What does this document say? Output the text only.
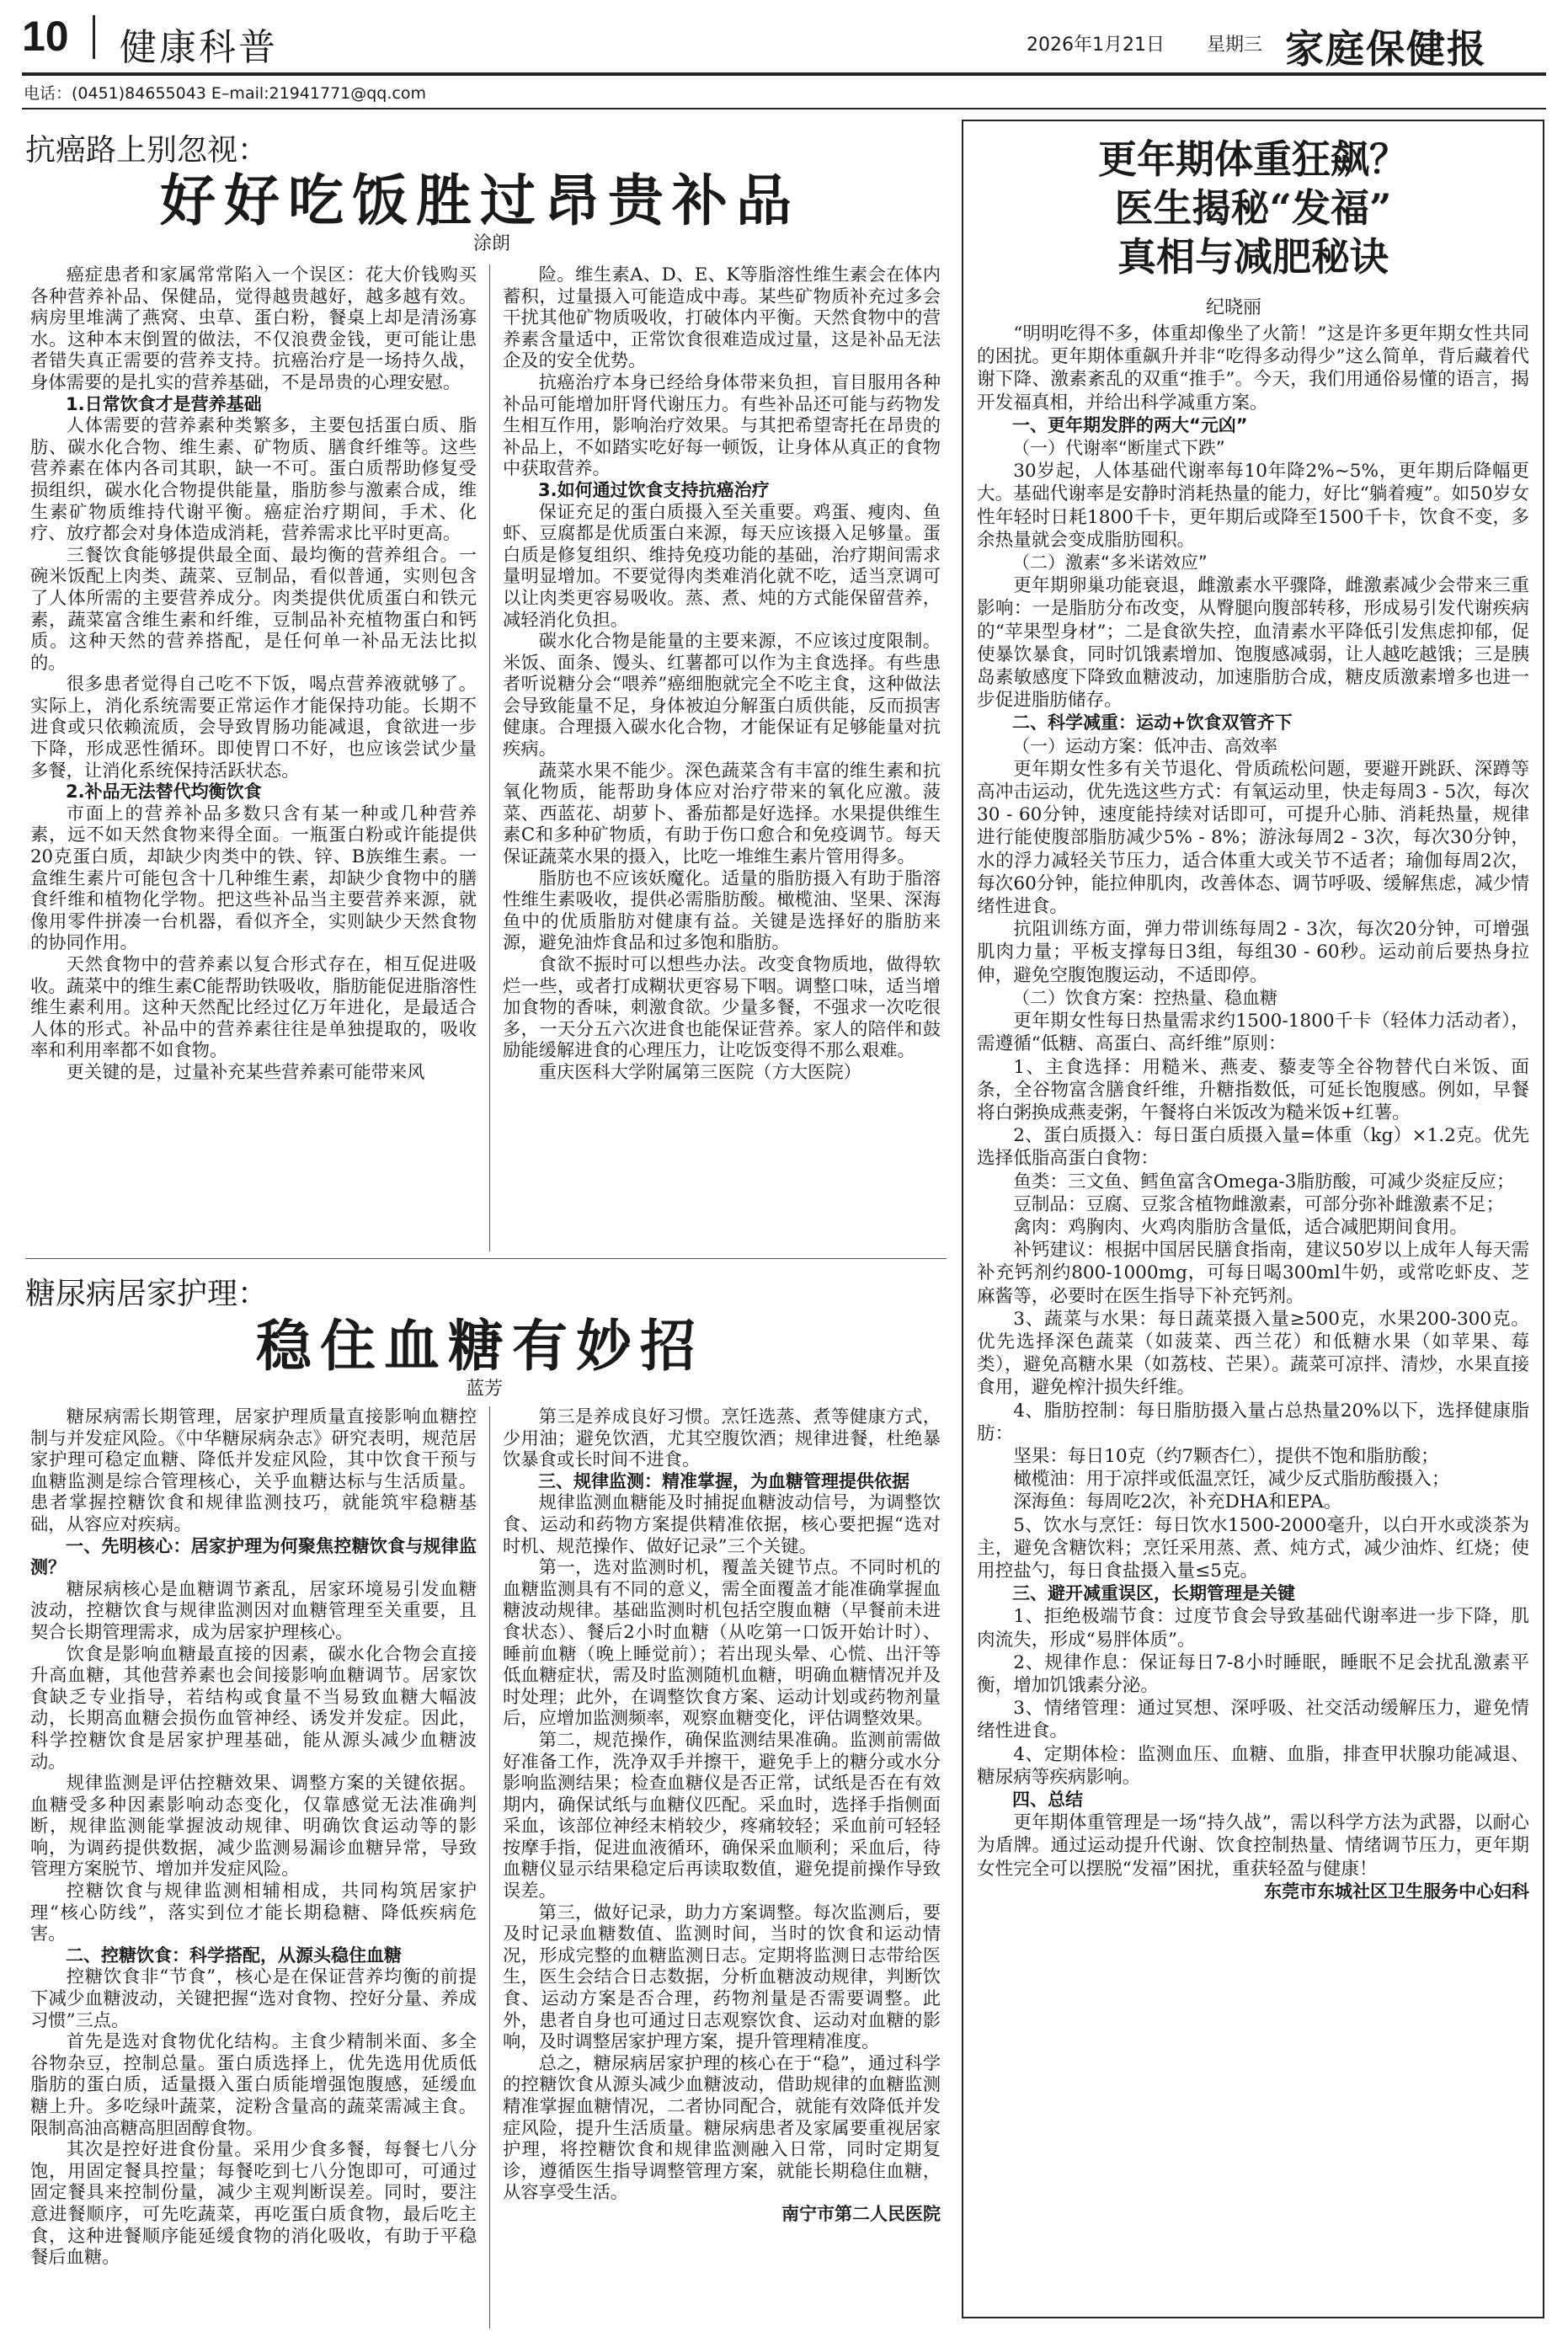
10 健康科普	2026年1月21日 星期三 家庭保健报
电话：(0451)84655043 E–mail:21941771@qq.com
抗癌路上别忽视：
好好吃饭胜过昂贵补品
涂朗

癌症患者和家属常常陷入一个误区：花大价钱购买各种营养补品、保健品，觉得越贵越好，越多越有效。病房里堆满了燕窝、虫草、蛋白粉，餐桌上却是清汤寡水。这种本末倒置的做法，不仅浪费金钱，更可能让患者错失真正需要的营养支持。抗癌治疗是一场持久战，身体需要的是扎实的营养基础，不是昂贵的心理安慰。

1.日常饮食才是营养基础

人体需要的营养素种类繁多，主要包括蛋白质、脂肪、碳水化合物、维生素、矿物质、膳食纤维等。这些营养素在体内各司其职，缺一不可。蛋白质帮助修复受损组织，碳水化合物提供能量，脂肪参与激素合成，维生素矿物质维持代谢平衡。癌症治疗期间，手术、化疗、放疗都会对身体造成消耗，营养需求比平时更高。

三餐饮食能够提供最全面、最均衡的营养组合。一碗米饭配上肉类、蔬菜、豆制品，看似普通，实则包含了人体所需的主要营养成分。肉类提供优质蛋白和铁元素，蔬菜富含维生素和纤维，豆制品补充植物蛋白和钙质。这种天然的营养搭配，是任何单一补品无法比拟的。

很多患者觉得自己吃不下饭，喝点营养液就够了。实际上，消化系统需要正常运作才能保持功能。长期不进食或只依赖流质，会导致胃肠功能减退，食欲进一步下降，形成恶性循环。即使胃口不好，也应该尝试少量多餐，让消化系统保持活跃状态。

2.补品无法替代均衡饮食

市面上的营养补品多数只含有某一种或几种营养素，远不如天然食物来得全面。一瓶蛋白粉或许能提供20克蛋白质，却缺少肉类中的铁、锌、B族维生素。一盒维生素片可能包含十几种维生素，却缺少食物中的膳食纤维和植物化学物。把这些补品当主要营养来源，就像用零件拼凑一台机器，看似齐全，实则缺少天然食物的协同作用。

天然食物中的营养素以复合形式存在，相互促进吸收。蔬菜中的维生素C能帮助铁吸收，脂肪能促进脂溶性维生素利用。这种天然配比经过亿万年进化，是最适合人体的形式。补品中的营养素往往是单独提取的，吸收率和利用率都不如食物。

更关键的是，过量补充某些营养素可能带来风

险。维生素A、D、E、K等脂溶性维生素会在体内蓄积，过量摄入可能造成中毒。某些矿物质补充过多会干扰其他矿物质吸收，打破体内平衡。天然食物中的营养素含量适中，正常饮食很难造成过量，这是补品无法企及的安全优势。

抗癌治疗本身已经给身体带来负担，盲目服用各种补品可能增加肝肾代谢压力。有些补品还可能与药物发生相互作用，影响治疗效果。与其把希望寄托在昂贵的补品上，不如踏实吃好每一顿饭，让身体从真正的食物中获取营养。

3.如何通过饮食支持抗癌治疗

保证充足的蛋白质摄入至关重要。鸡蛋、瘦肉、鱼虾、豆腐都是优质蛋白来源，每天应该摄入足够量。蛋白质是修复组织、维持免疫功能的基础，治疗期间需求量明显增加。不要觉得肉类难消化就不吃，适当烹调可以让肉类更容易吸收。蒸、煮、炖的方式能保留营养，减轻消化负担。

碳水化合物是能量的主要来源，不应该过度限制。米饭、面条、馒头、红薯都可以作为主食选择。有些患者听说糖分会“喂养”癌细胞就完全不吃主食，这种做法会导致能量不足，身体被迫分解蛋白质供能，反而损害健康。合理摄入碳水化合物，才能保证有足够能量对抗疾病。

蔬菜水果不能少。深色蔬菜含有丰富的维生素和抗氧化物质，能帮助身体应对治疗带来的氧化应激。菠菜、西蓝花、胡萝卜、番茄都是好选择。水果提供维生素C和多种矿物质，有助于伤口愈合和免疫调节。每天保证蔬菜水果的摄入，比吃一堆维生素片管用得多。

脂肪也不应该妖魔化。适量的脂肪摄入有助于脂溶性维生素吸收，提供必需脂肪酸。橄榄油、坚果、深海鱼中的优质脂肪对健康有益。关键是选择好的脂肪来源，避免油炸食品和过多饱和脂肪。

食欲不振时可以想些办法。改变食物质地，做得软烂一些，或者打成糊状更容易下咽。调整口味，适当增加食物的香味，刺激食欲。少量多餐，不强求一次吃很多，一天分五六次进食也能保证营养。家人的陪伴和鼓励能缓解进食的心理压力，让吃饭变得不那么艰难。

重庆医科大学附属第三医院（方大医院）

糖尿病居家护理：
稳住血糖有妙招
蓝芳

糖尿病需长期管理，居家护理质量直接影响血糖控制与并发症风险。《中华糖尿病杂志》研究表明，规范居家护理可稳定血糖、降低并发症风险，其中饮食干预与血糖监测是综合管理核心，关乎血糖达标与生活质量。患者掌握控糖饮食和规律监测技巧，就能筑牢稳糖基础，从容应对疾病。

一、先明核心：居家护理为何聚焦控糖饮食与规律监测？

糖尿病核心是血糖调节紊乱，居家环境易引发血糖波动，控糖饮食与规律监测因对血糖管理至关重要，且契合长期管理需求，成为居家护理核心。

饮食是影响血糖最直接的因素，碳水化合物会直接升高血糖，其他营养素也会间接影响血糖调节。居家饮食缺乏专业指导，若结构或食量不当易致血糖大幅波动，长期高血糖会损伤血管神经、诱发并发症。因此，科学控糖饮食是居家护理基础，能从源头减少血糖波动。

规律监测是评估控糖效果、调整方案的关键依据。血糖受多种因素影响动态变化，仅靠感觉无法准确判断，规律监测能掌握波动规律、明确饮食运动等的影响，为调药提供数据，减少监测易漏诊血糖异常，导致管理方案脱节、增加并发症风险。

控糖饮食与规律监测相辅相成，共同构筑居家护理“核心防线”，落实到位才能长期稳糖、降低疾病危害。

二、控糖饮食：科学搭配，从源头稳住血糖

控糖饮食非“节食”，核心是在保证营养均衡的前提下减少血糖波动，关键把握“选对食物、控好分量、养成习惯”三点。

首先是选对食物优化结构。主食少精制米面、多全谷物杂豆，控制总量。蛋白质选择上，优先选用优质低脂肪的蛋白质，适量摄入蛋白质能增强饱腹感，延缓血糖上升。多吃绿叶蔬菜，淀粉含量高的蔬菜需减主食。限制高油高糖高胆固醇食物。

其次是控好进食份量。采用少食多餐，每餐七八分饱，用固定餐具控量；每餐吃到七八分饱即可，可通过固定餐具来控制份量，减少主观判断误差。同时，要注意进餐顺序，可先吃蔬菜，再吃蛋白质食物，最后吃主食，这种进餐顺序能延缓食物的消化吸收，有助于平稳餐后血糖。

第三是养成良好习惯。烹饪选蒸、煮等健康方式，少用油；避免饮酒，尤其空腹饮酒；规律进餐，杜绝暴饮暴食或长时间不进食。

三、规律监测：精准掌握，为血糖管理提供依据

规律监测血糖能及时捕捉血糖波动信号，为调整饮食、运动和药物方案提供精准依据，核心要把握“选对时机、规范操作、做好记录”三个关键。

第一，选对监测时机，覆盖关键节点。不同时机的血糖监测具有不同的意义，需全面覆盖才能准确掌握血糖波动规律。基础监测时机包括空腹血糖（早餐前未进食状态）、餐后2小时血糖（从吃第一口饭开始计时）、睡前血糖（晚上睡觉前）；若出现头晕、心慌、出汗等低血糖症状，需及时监测随机血糖，明确血糖情况并及时处理；此外，在调整饮食方案、运动计划或药物剂量后，应增加监测频率，观察血糖变化，评估调整效果。

第二，规范操作，确保监测结果准确。监测前需做好准备工作，洗净双手并擦干，避免手上的糖分或水分影响监测结果；检查血糖仪是否正常，试纸是否在有效期内，确保试纸与血糖仪匹配。采血时，选择手指侧面采血，该部位神经末梢较少，疼痛较轻；采血前可轻轻按摩手指，促进血液循环，确保采血顺利；采血后，待血糖仪显示结果稳定后再读取数值，避免提前操作导致误差。

第三，做好记录，助力方案调整。每次监测后，要及时记录血糖数值、监测时间，当时的饮食和运动情况，形成完整的血糖监测日志。定期将监测日志带给医生，医生会结合日志数据，分析血糖波动规律，判断饮食、运动方案是否合理，药物剂量是否需要调整。此外，患者自身也可通过日志观察饮食、运动对血糖的影响，及时调整居家护理方案，提升管理精准度。

总之，糖尿病居家护理的核心在于“稳”，通过科学的控糖饮食从源头减少血糖波动，借助规律的血糖监测精准掌握血糖情况，二者协同配合，就能有效降低并发症风险，提升生活质量。糖尿病患者及家属要重视居家护理，将控糖饮食和规律监测融入日常，同时定期复诊，遵循医生指导调整管理方案，就能长期稳住血糖，从容享受生活。

南宁市第二人民医院
更年期体重狂飙？
医生揭秘“发福”
真相与减肥秘诀
纪晓丽

“明明吃得不多，体重却像坐了火箭！”这是许多更年期女性共同的困扰。更年期体重飙升并非“吃得多动得少”这么简单，背后藏着代谢下降、激素紊乱的双重“推手”。今天，我们用通俗易懂的语言，揭开发福真相，并给出科学减重方案。

一、更年期发胖的两大“元凶”
（一）代谢率“断崖式下跌”

30岁起，人体基础代谢率每10年降2%~5%，更年期后降幅更大。基础代谢率是安静时消耗热量的能力，好比“躺着瘦”。如50岁女性年轻时日耗1800千卡，更年期后或降至1500千卡，饮食不变，多余热量就会变成脂肪囤积。

（二）激素“多米诺效应”

更年期卵巢功能衰退，雌激素水平骤降，雌激素减少会带来三重影响：一是脂肪分布改变，从臀腿向腹部转移，形成易引发代谢疾病的“苹果型身材”；二是食欲失控，血清素水平降低引发焦虑抑郁，促使暴饮暴食，同时饥饿素增加、饱腹感减弱，让人越吃越饿；三是胰岛素敏感度下降致血糖波动，加速脂肪合成，糖皮质激素增多也进一步促进脂肪储存。

二、科学减重：运动+饮食双管齐下
（一）运动方案：低冲击、高效率

更年期女性多有关节退化、骨质疏松问题，要避开跳跃、深蹲等高冲击运动，优先选这些方式：有氧运动里，快走每周3 - 5次，每次30 - 60分钟，速度能持续对话即可，可提升心肺、消耗热量，规律进行能使腹部脂肪减少5% - 8%；游泳每周2 - 3次，每次30分钟，水的浮力减轻关节压力，适合体重大或关节不适者；瑜伽每周2次，每次60分钟，能拉伸肌肉，改善体态、调节呼吸、缓解焦虑，减少情绪性进食。

抗阻训练方面，弹力带训练每周2 - 3次，每次20分钟，可增强肌肉力量；平板支撑每日3组，每组30 - 60秒。运动前后要热身拉伸，避免空腹饱腹运动，不适即停。

（二）饮食方案：控热量、稳血糖

更年期女性每日热量需求约1500-1800千卡（轻体力活动者），需遵循“低糖、高蛋白、高纤维”原则：

1、主食选择：用糙米、燕麦、藜麦等全谷物替代白米饭、面条，全谷物富含膳食纤维，升糖指数低，可延长饱腹感。例如，早餐将白粥换成燕麦粥，午餐将白米饭改为糙米饭+红薯。

2、蛋白质摄入：每日蛋白质摄入量=体重（kg）×1.2克。优先选择低脂高蛋白食物：

鱼类：三文鱼、鳕鱼富含Omega-3脂肪酸，可减少炎症反应；

豆制品：豆腐、豆浆含植物雌激素，可部分弥补雌激素不足；

禽肉：鸡胸肉、火鸡肉脂肪含量低，适合减肥期间食用。

补钙建议：根据中国居民膳食指南，建议50岁以上成年人每天需补充钙剂约800-1000mg，可每日喝300ml牛奶，或常吃虾皮、芝麻酱等，必要时在医生指导下补充钙剂。

3、蔬菜与水果：每日蔬菜摄入量≥500克，水果200-300克。优先选择深色蔬菜（如菠菜、西兰花）和低糖水果（如苹果、莓类），避免高糖水果（如荔枝、芒果）。蔬菜可凉拌、清炒，水果直接食用，避免榨汁损失纤维。

4、脂肪控制：每日脂肪摄入量占总热量20%以下，选择健康脂肪：

坚果：每日10克（约7颗杏仁），提供不饱和脂肪酸；

橄榄油：用于凉拌或低温烹饪，减少反式脂肪酸摄入；

深海鱼：每周吃2次，补充DHA和EPA。

5、饮水与烹饪：每日饮水1500-2000毫升，以白开水或淡茶为主，避免含糖饮料；烹饪采用蒸、煮、炖方式，减少油炸、红烧；使用控盐勺，每日食盐摄入量≤5克。

三、避开减重误区，长期管理是关键

1、拒绝极端节食：过度节食会导致基础代谢率进一步下降，肌肉流失，形成“易胖体质”。

2、规律作息：保证每日7-8小时睡眠，睡眠不足会扰乱激素平衡，增加饥饿素分泌。

3、情绪管理：通过冥想、深呼吸、社交活动缓解压力，避免情绪性进食。

4、定期体检：监测血压、血糖、血脂，排查甲状腺功能减退、糖尿病等疾病影响。

四、总结

更年期体重管理是一场“持久战”，需以科学方法为武器，以耐心为盾牌。通过运动提升代谢、饮食控制热量、情绪调节压力，更年期女性完全可以摆脱“发福”困扰，重获轻盈与健康！

东莞市东城社区卫生服务中心妇科
